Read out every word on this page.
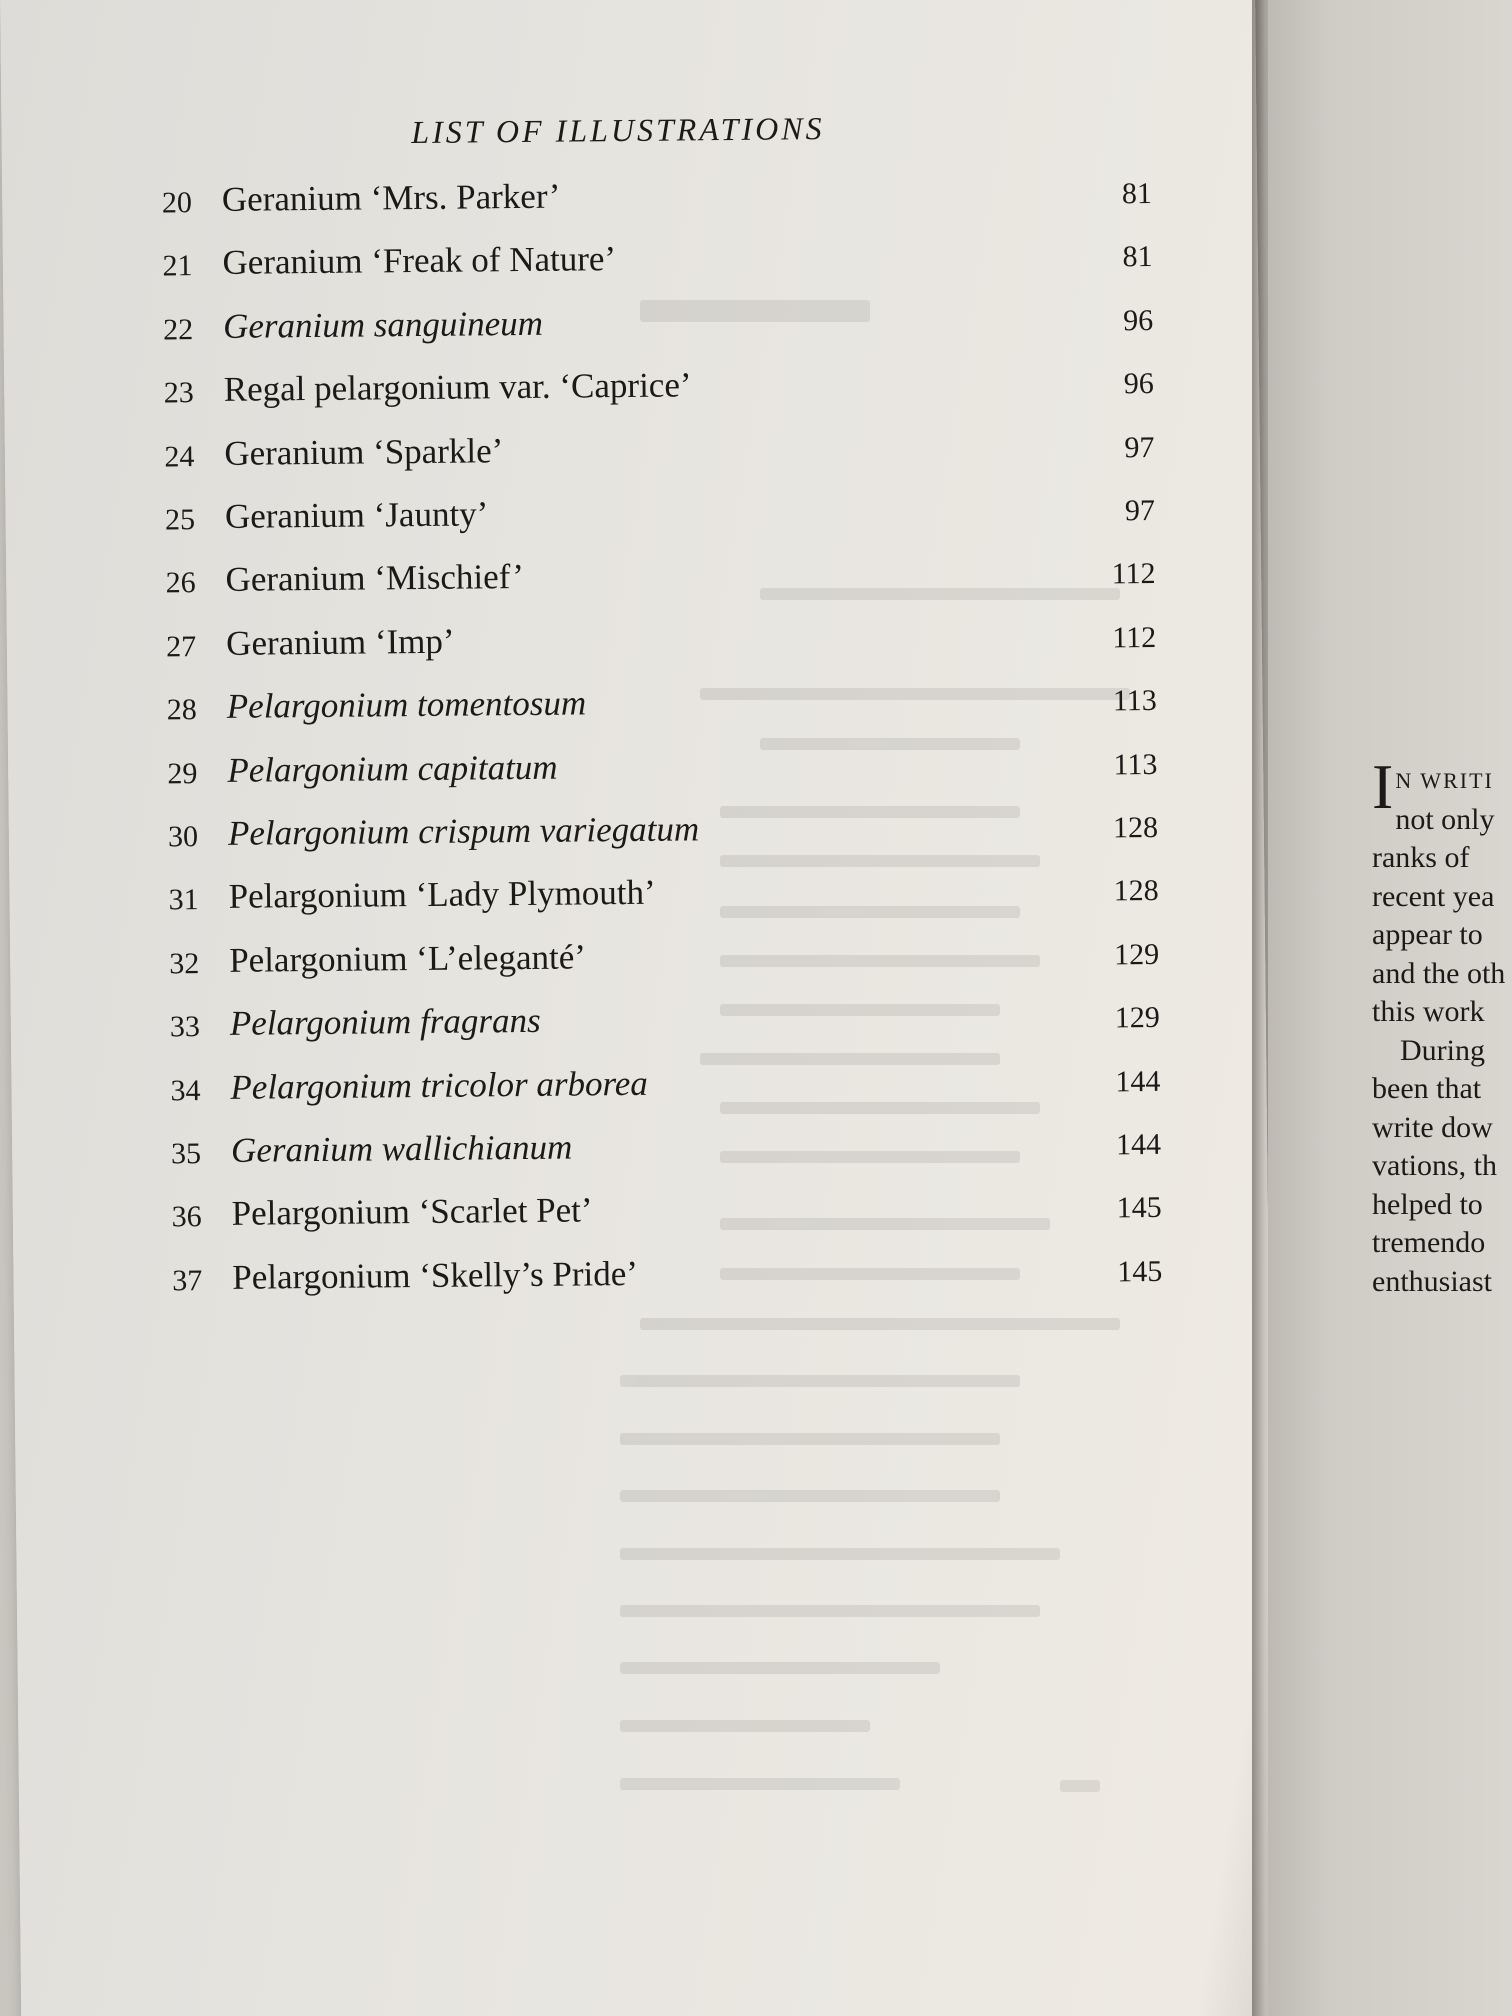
LIST OF ILLUSTRATIONS
20 Geranium ‘Mrs. Parker’	81
21 Geranium ‘Freak of Nature’	81
22 Geranium sanguineum	96
23 Regal pelargonium var. ‘Caprice’	96
24 Geranium ‘Sparkle’	97
25 Geranium ‘Jaunty’	97
26 Geranium ‘Mischief’	112
27 Geranium ‘Imp’	112
28 Pelargonium tomentosum	113
29 Pelargonium capitatum	113
30 Pelargonium crispum variegatum	128
31 Pelargonium ‘Lady Plymouth’	128
32 Pelargonium ‘L’eleganté’	129
33 Pelargonium fragrans	129
34 Pelargonium tricolor arborea	144
35 Geranium wallichianum	144
36 Pelargonium ‘Scarlet Pet’	145
37 Pelargonium ‘Skelly’s Pride’	145
I N WRITI
not only
ranks of
recent yea
appear to
and the oth
this work
During
been that
write dow
vations, th
helped to
tremendo
enthusiast
